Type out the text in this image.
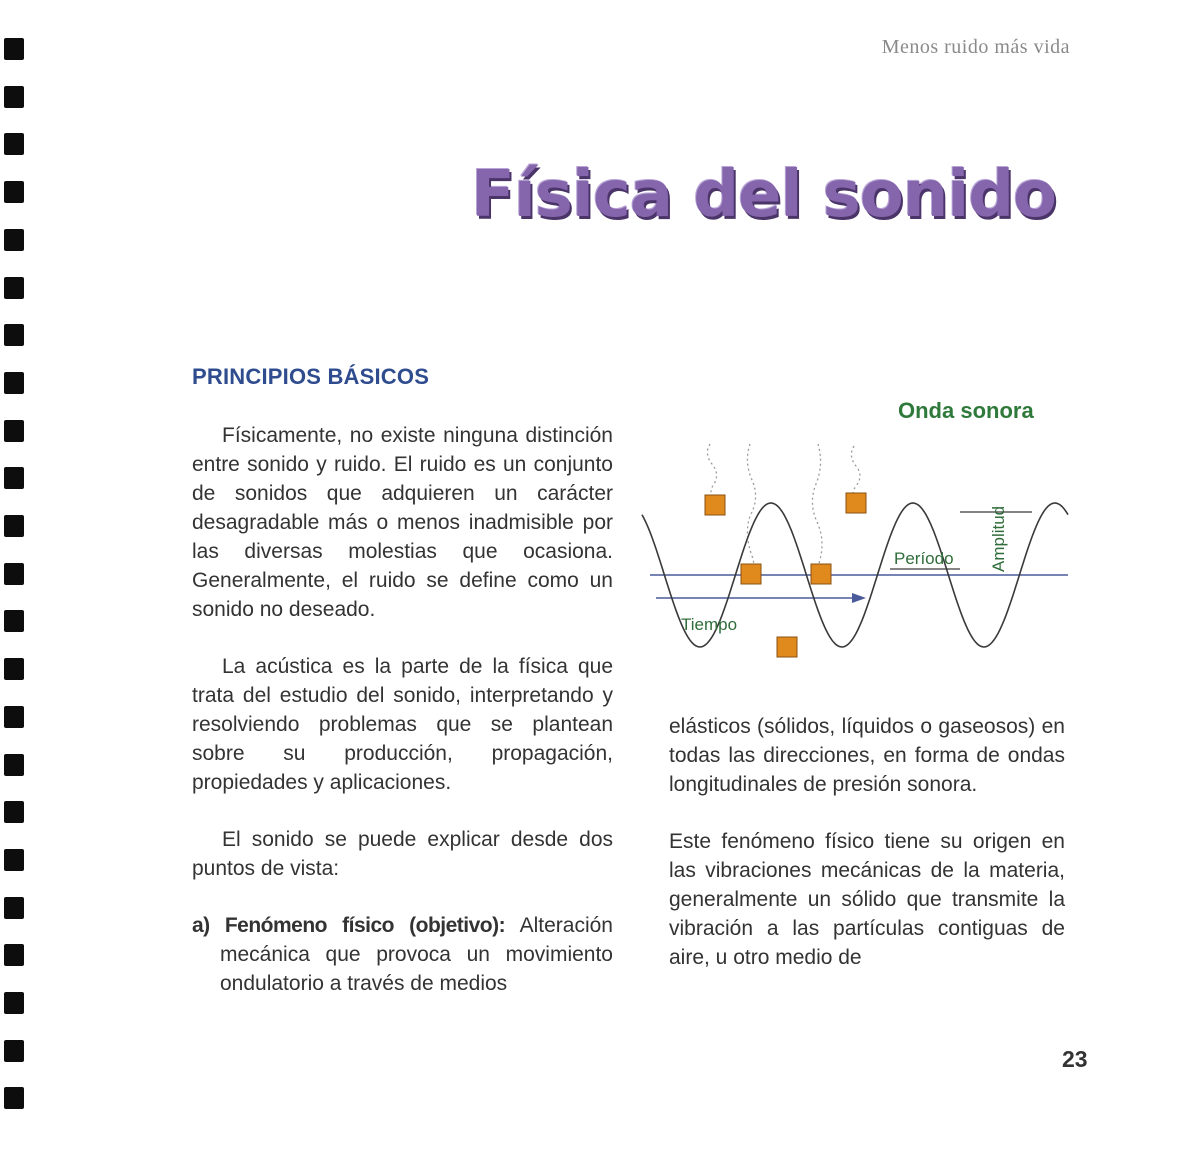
Menos ruido más vida
Física del sonido
PRINCIPIOS BÁSICOS

Físicamente, no existe ninguna distinción entre sonido y ruido. El ruido es un conjunto de sonidos que adquieren un carácter desagradable más o menos inadmisible por las diversas molestias que ocasiona. Generalmente, el ruido se define como un sonido no deseado.

La acústica es la parte de la física que trata del estudio del sonido, interpretando y resolviendo problemas que se plantean sobre su producción, propagación, propiedades y aplicaciones.

El sonido se puede explicar desde dos puntos de vista:

a) Fenómeno físico (objetivo): Alteración mecánica que provoca un movimiento ondulatorio a través de medios

Onda sonora
Período Amplitud
Tiempo

elásticos (sólidos, líquidos o gaseosos) en todas las direcciones, en forma de ondas longitudinales de presión sonora.

Este fenómeno físico tiene su origen en las vibraciones mecánicas de la materia, generalmente un sólido que transmite la vibración a las partículas contiguas de aire, u otro medio de

23
